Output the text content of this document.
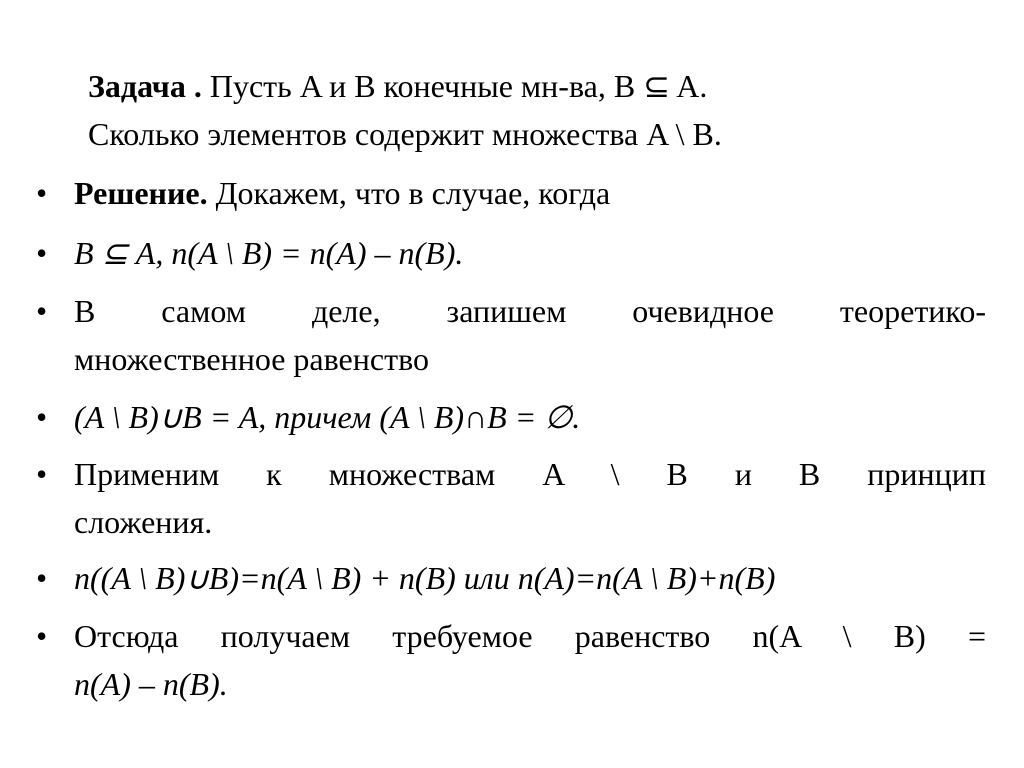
Задача . Пусть A и B конечные мн-ва, B ⊆ A.
Сколько элементов содержит множества A \ B.
• Решение. Докажем, что в случае, когда
• B ⊆ A, n(A \ B) = n(A) – n(B).
• В самом деле, запишем очевидное теоретико-
множественное равенство
• (A \ B)∪B = A, причем (A \ B)∩B = ∅.
• Применим к множествам A \ B и B принцип
сложения.
• n((A \ B)∪B)=n(A \ B) + n(B) или n(A)=n(A \ B)+n(B)
• Отсюда получаем требуемое равенство n(A \ B) =
n(A) – n(B).
